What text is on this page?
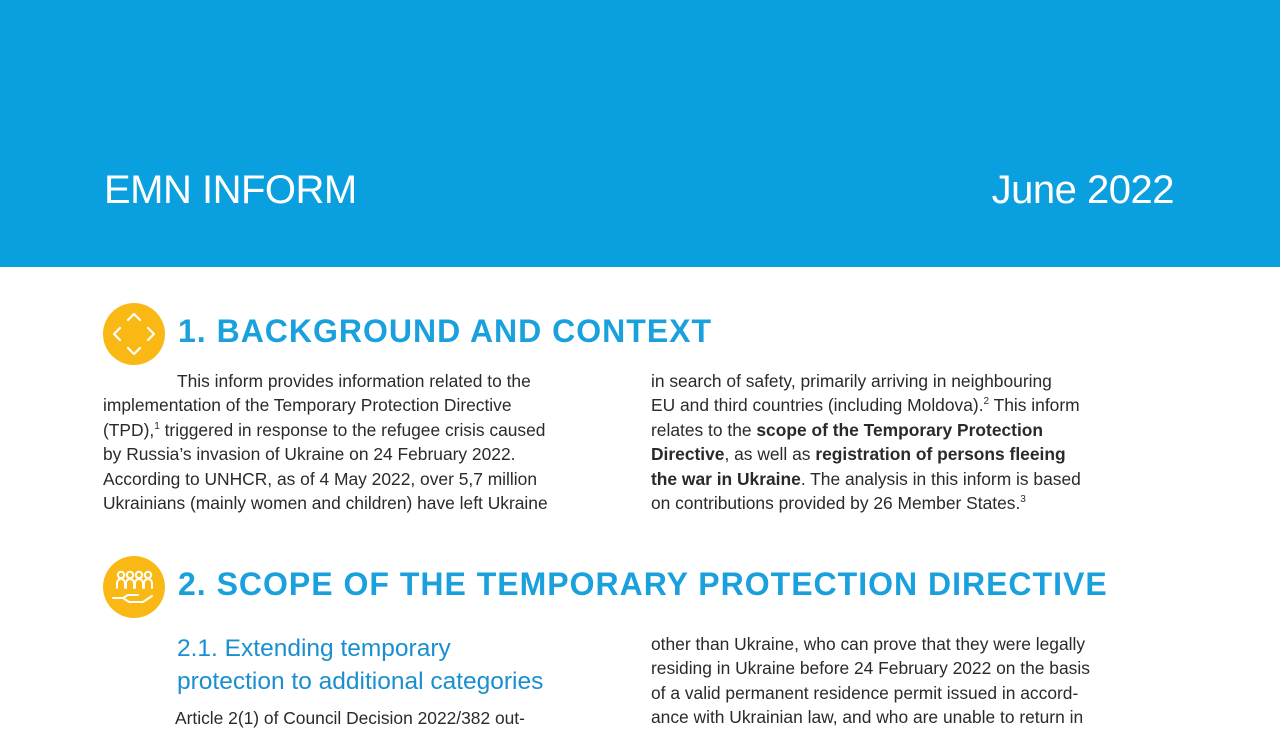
EMN INFORM	June 2022
1. BACKGROUND AND CONTEXT

This inform provides information related to the
implementation of the Temporary Protection Directive
(TPD),$^1$ triggered in response to the refugee crisis caused
by Russia’s invasion of Ukraine on 24 February 2022.
According to UNHCR, as of 4 May 2022, over 5,7 million
Ukrainians (mainly women and children) have left Ukraine

in search of safety, primarily arriving in neighbouring
EU and third countries (including Moldova).$^2$ This inform
relates to the scope of the Temporary Protection
Directive, as well as registration of persons fleeing
the war in Ukraine. The analysis in this inform is based
on contributions provided by 26 Member States.$^3$

2. SCOPE OF THE TEMPORARY PROTECTION DIRECTIVE
2.1. Extending temporary
protection to additional categories
Article 2(1) of Council Decision 2022/382 out-

other than Ukraine, who can prove that they were legally
residing in Ukraine before 24 February 2022 on the basis
of a valid permanent residence permit issued in accord-
ance with Ukrainian law, and who are unable to return in
